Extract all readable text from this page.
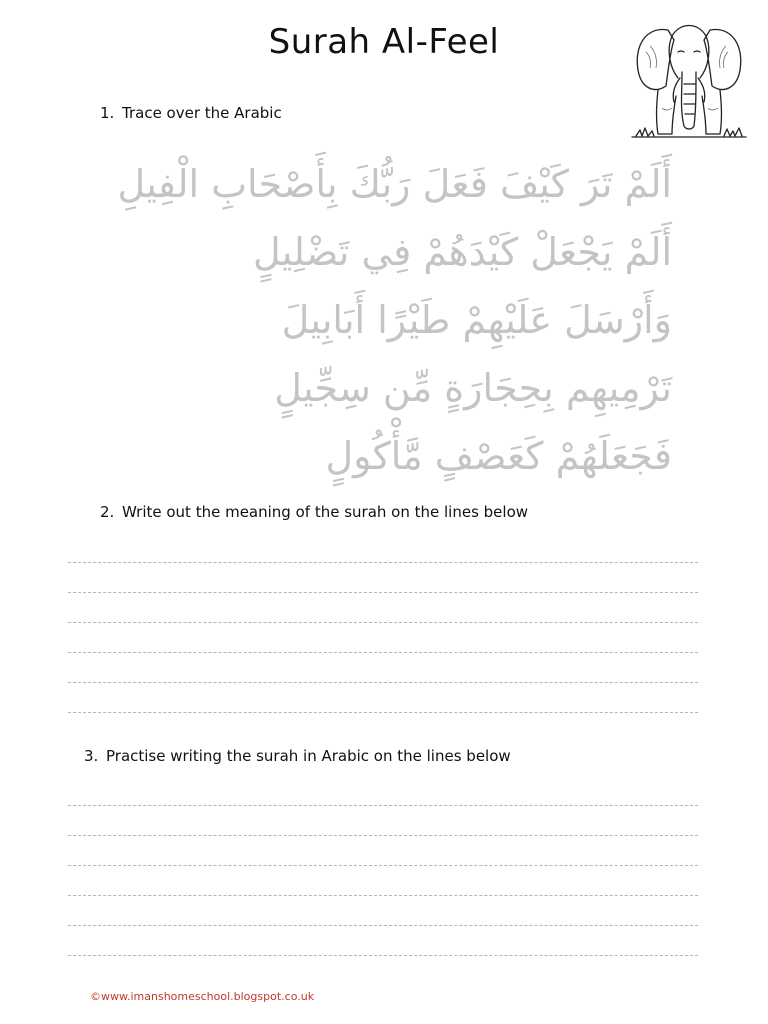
Surah Al-Feel
1. Trace over the Arabic
أَلَمْ تَرَ كَيْفَ فَعَلَ رَبُّكَ بِأَصْحَابِ الْفِيلِ
أَلَمْ يَجْعَلْ كَيْدَهُمْ فِي تَضْلِيلٍ
وَأَرْسَلَ عَلَيْهِمْ طَيْرًا أَبَابِيلَ
تَرْمِيهِم بِحِجَارَةٍ مِّن سِجِّيلٍ
فَجَعَلَهُمْ كَعَصْفٍ مَّأْكُولٍ
2. Write out the meaning of the surah on the lines below
3. Practise writing the surah in Arabic on the lines below
©www.imanshomeschool.blogspot.co.uk
